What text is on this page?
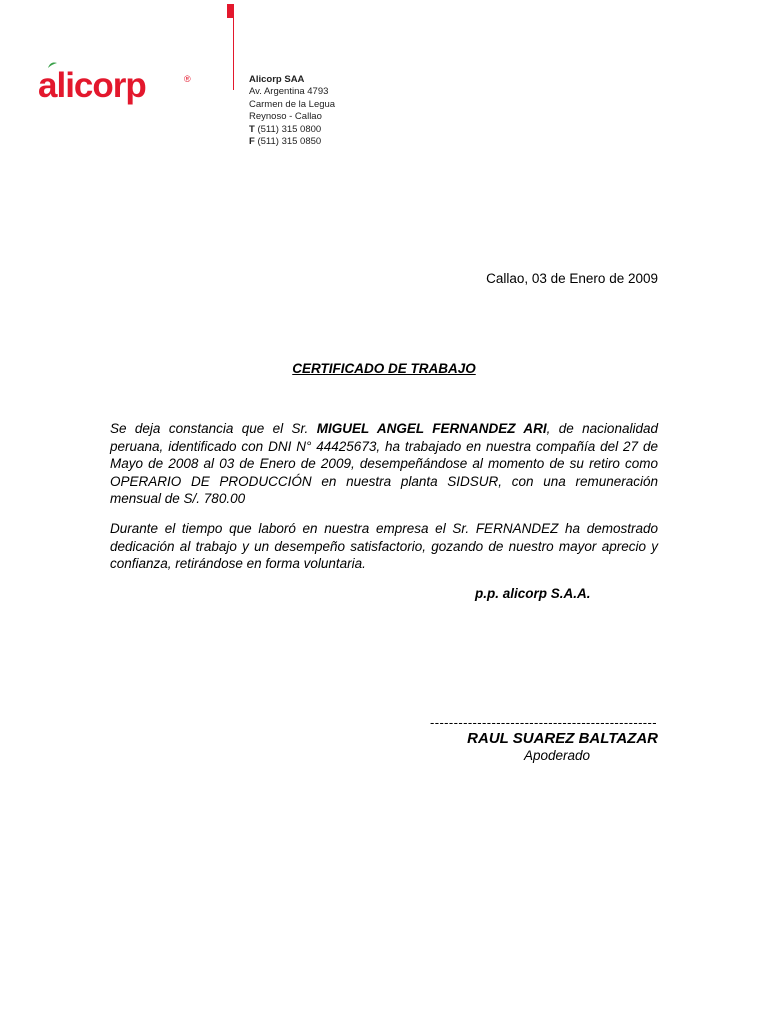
alicorp	®	Alicorp SAA
Av. Argentina 4793
Carmen de la Legua
Reynoso - Callao
T (511) 315 0800
F (511) 315 0850
Callao, 03 de Enero de 2009
CERTIFICADO DE TRABAJO

Se deja constancia que el Sr. MIGUEL ANGEL FERNANDEZ ARI, de nacionalidad peruana, identificado con DNI N° 44425673, ha trabajado en nuestra compañía del 27 de Mayo de 2008 al 03 de Enero de 2009, desempeñándose al momento de su retiro como OPERARIO DE PRODUCCIÓN en nuestra planta SIDSUR, con una remuneración mensual de S/. 780.00

Durante el tiempo que laboró en nuestra empresa el Sr. FERNANDEZ ha demostrado dedicación al trabajo y un desempeño satisfactorio, gozando de nuestro mayor aprecio y confianza, retirándose en forma voluntaria.

p.p. alicorp S.A.A.
------------------------------------------------
RAUL SUAREZ BALTAZAR
Apoderado
